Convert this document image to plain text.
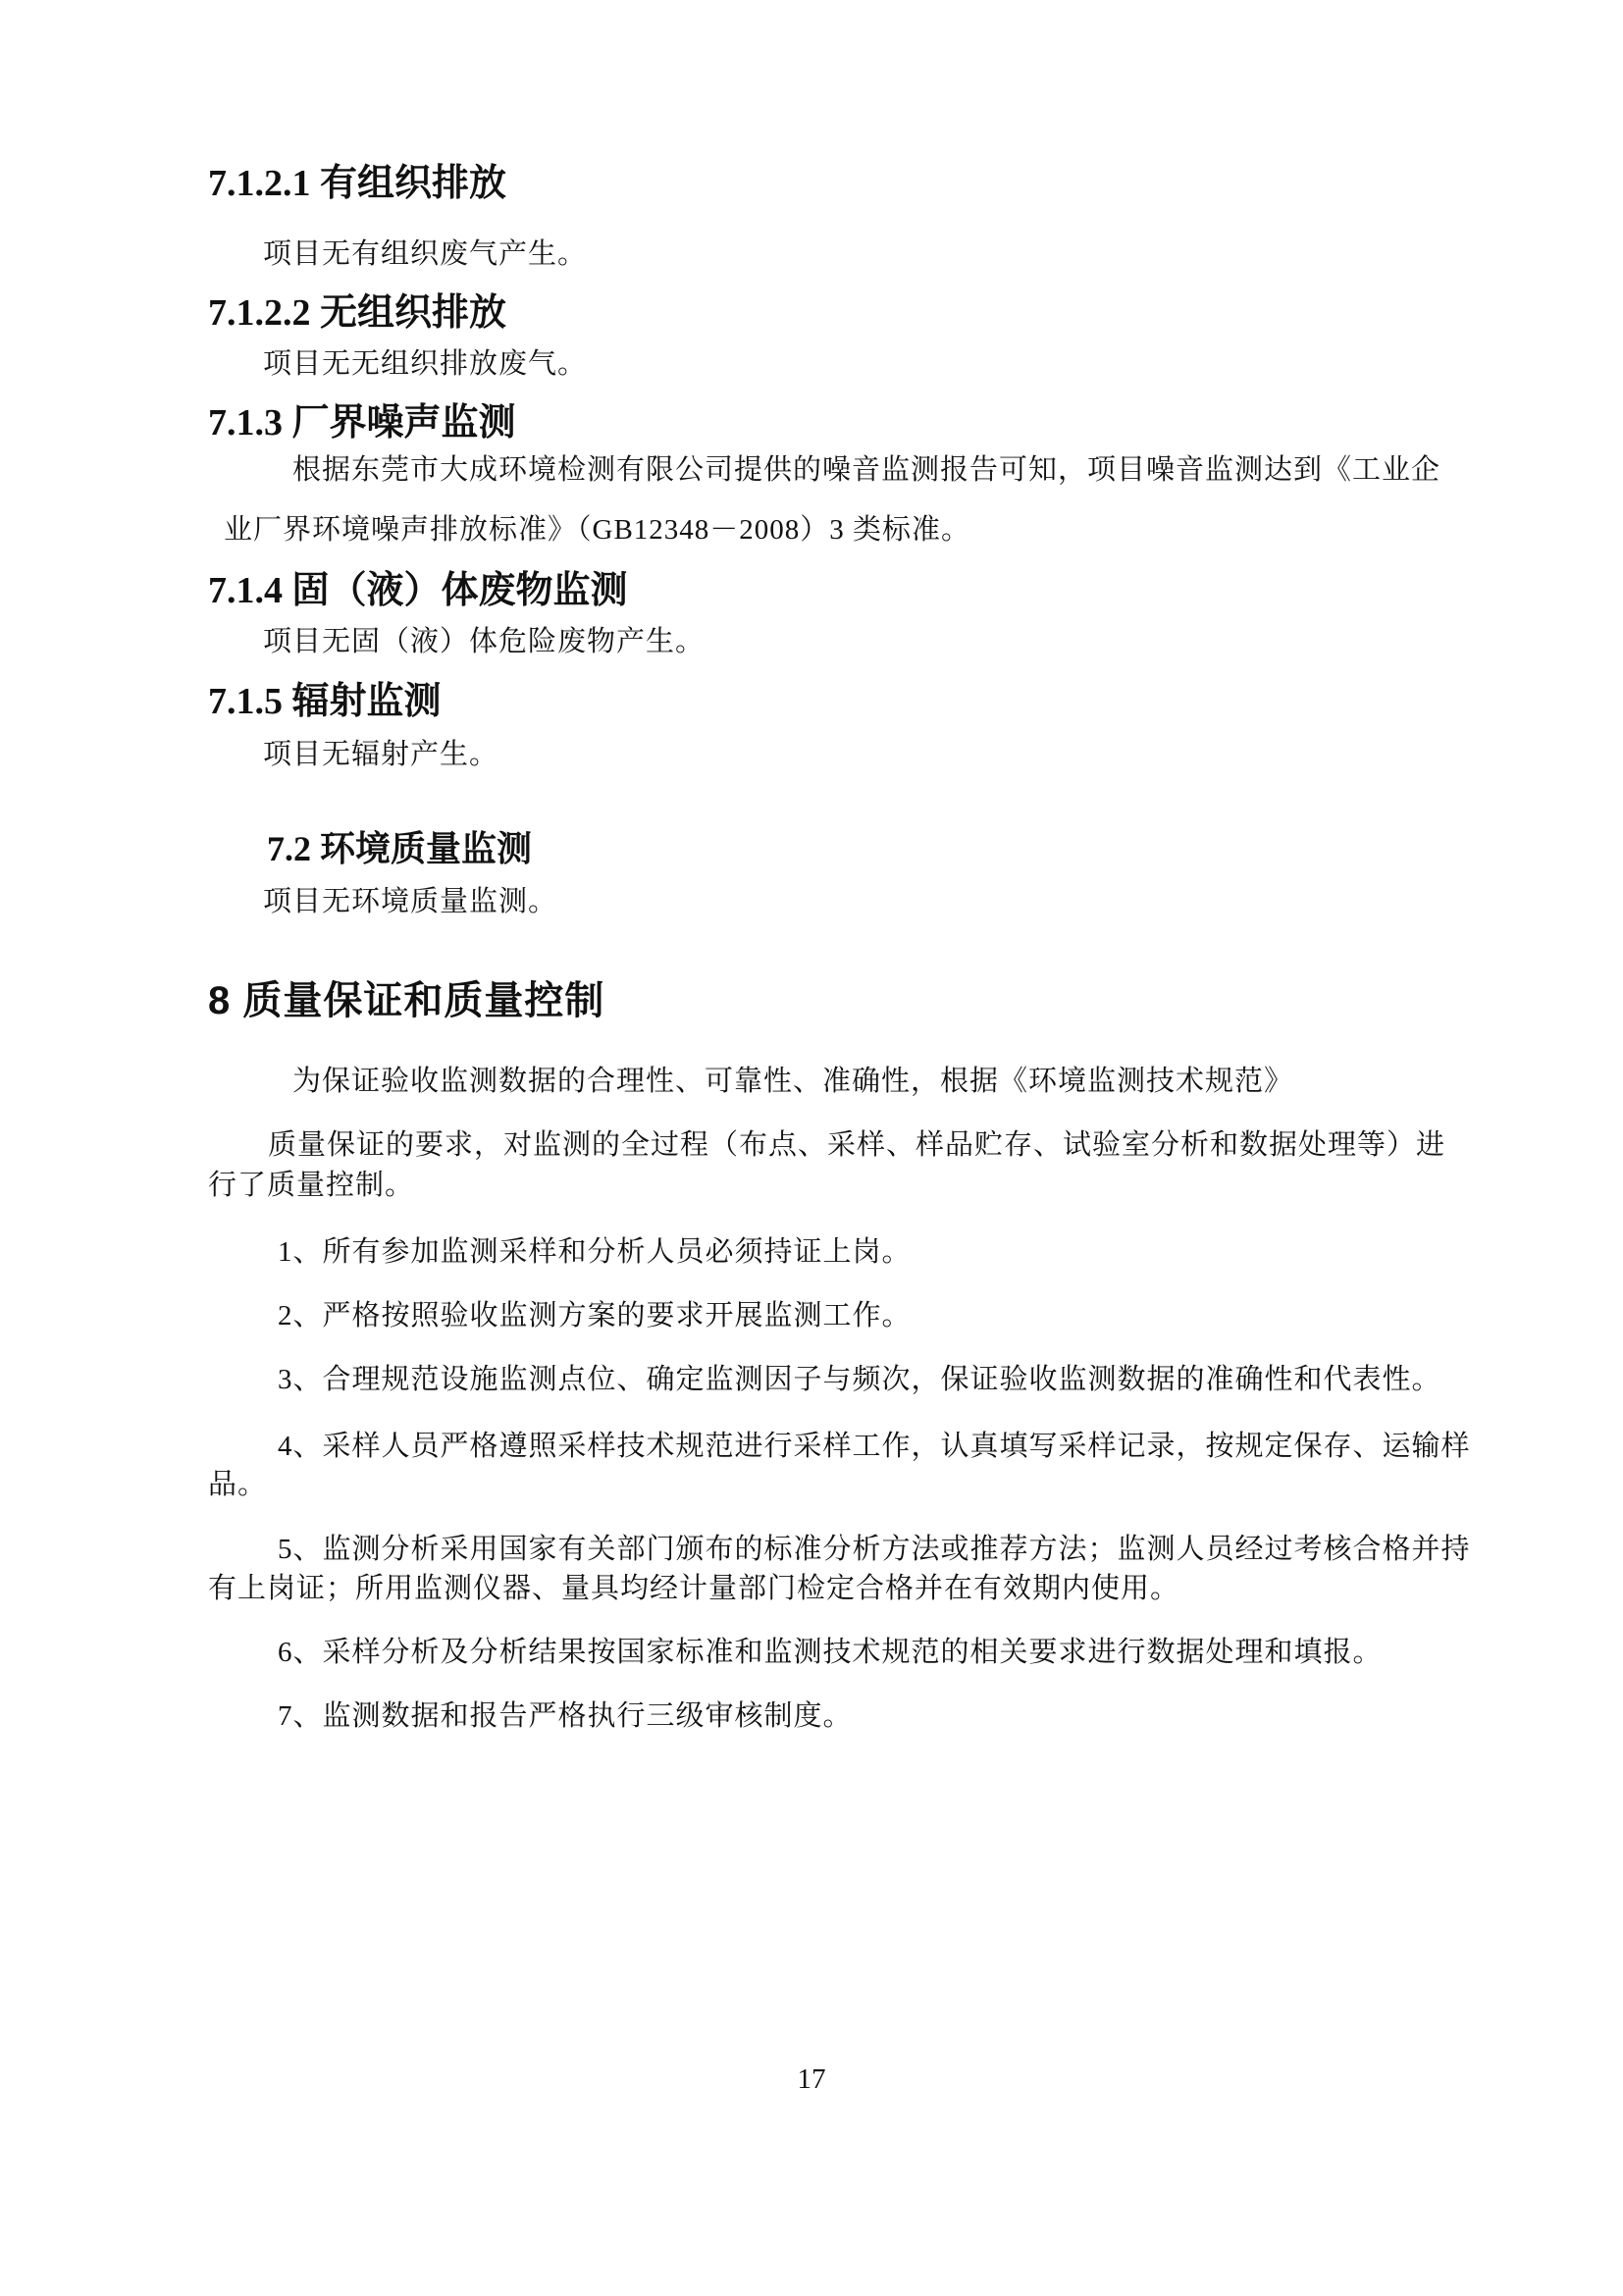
7.1.2.1 有组织排放
项目无有组织废气产生。
7.1.2.2 无组织排放
项目无无组织排放废气。
7.1.3 厂界噪声监测
根据东莞市大成环境检测有限公司提供的噪音监测报告可知，项目噪音监测达到《工业企
业厂界环境噪声排放标准》（GB12348－2008）3 类标准。
7.1.4 固（液）体废物监测
项目无固（液）体危险废物产生。
7.1.5 辐射监测
项目无辐射产生。
7.2 环境质量监测
项目无环境质量监测。
8 质量保证和质量控制
为保证验收监测数据的合理性、可靠性、准确性，根据《环境监测技术规范》
质量保证的要求，对监测的全过程（布点、采样、样品贮存、试验室分析和数据处理等）进
行了质量控制。
1、所有参加监测采样和分析人员必须持证上岗。
2、严格按照验收监测方案的要求开展监测工作。
3、合理规范设施监测点位、确定监测因子与频次，保证验收监测数据的准确性和代表性。
4、采样人员严格遵照采样技术规范进行采样工作，认真填写采样记录，按规定保存、运输样
品。
5、监测分析采用国家有关部门颁布的标准分析方法或推荐方法；监测人员经过考核合格并持
有上岗证；所用监测仪器、量具均经计量部门检定合格并在有效期内使用。
6、采样分析及分析结果按国家标准和监测技术规范的相关要求进行数据处理和填报。
7、监测数据和报告严格执行三级审核制度。
17
